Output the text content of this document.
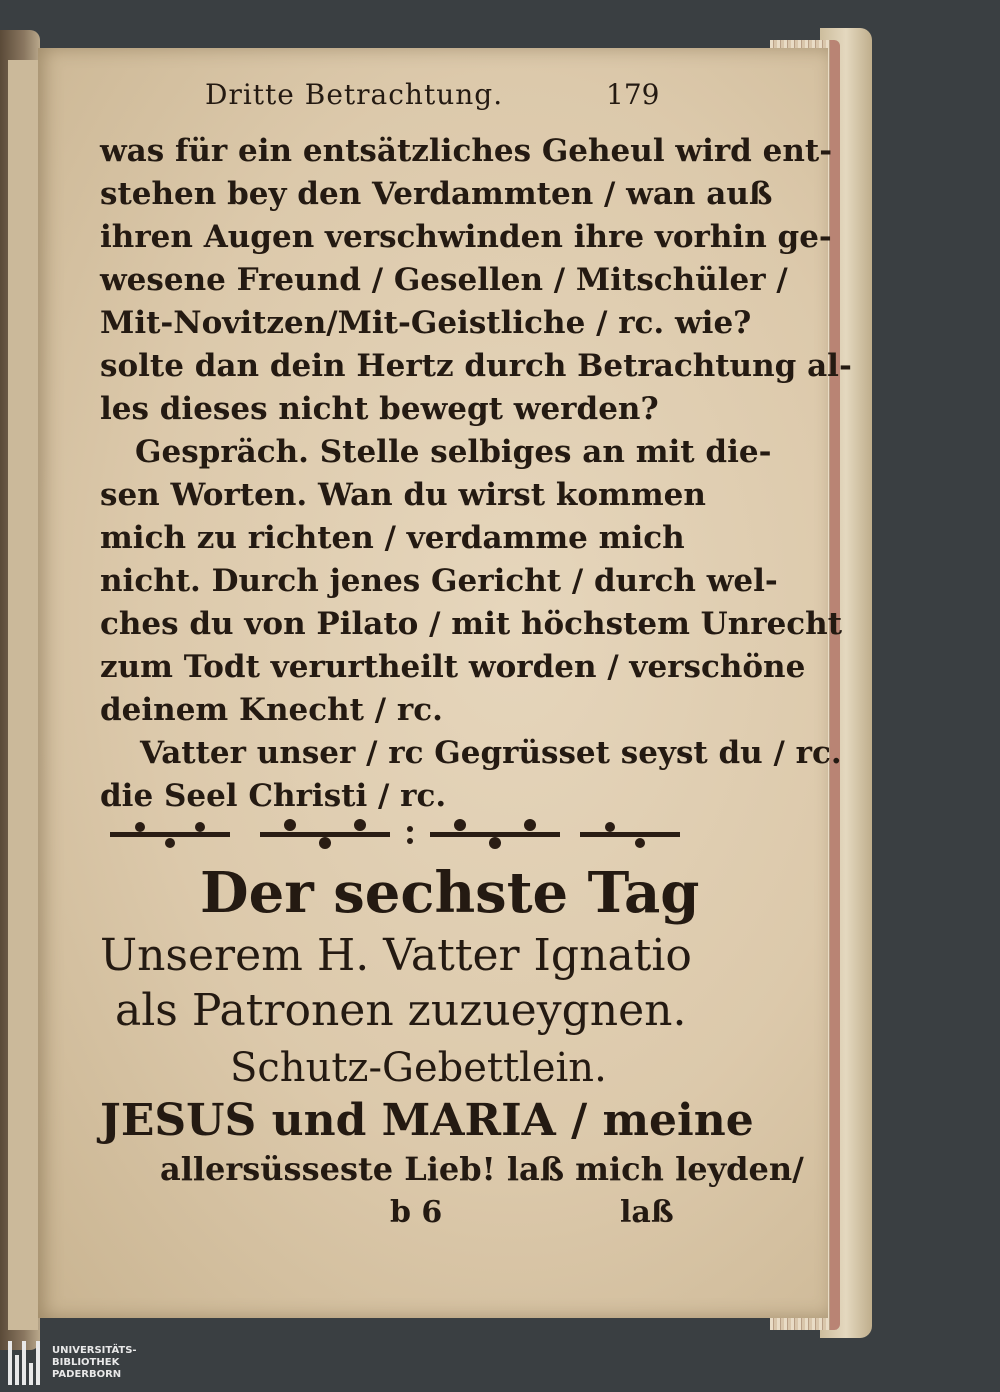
Dritte Betrachtung.	179
was für ein entsätzliches Geheul wird ent-
stehen bey den Verdammten / wan auß
ihren Augen verschwinden ihre vorhin ge-
wesene Freund / Gesellen / Mitschüler /
Mit-Novitzen/Mit-Geistliche / rc. wie?
solte dan dein Hertz durch Betrachtung al-
les dieses nicht bewegt werden?
Gespräch. Stelle selbiges an mit die-
sen Worten. Wan du wirst kommen
mich zu richten / verdamme mich
nicht. Durch jenes Gericht / durch wel-
ches du von Pilato / mit höchstem Unrecht
zum Todt verurtheilt worden / verschöne
deinem Knecht / rc.
Vatter unser / rc Gegrüsset seyst du / rc.
die Seel Christi / rc.
Der sechste Tag
Unserem H. Vatter Ignatio
als Patronen zuzueygnen.
Schutz-Gebettlein.
JESUS und MARIA / meine
allersüsseste Lieb! laß mich leyden/
b 6	laß
UNIVERSITÄTS-
BIBLIOTHEK
PADERBORN
